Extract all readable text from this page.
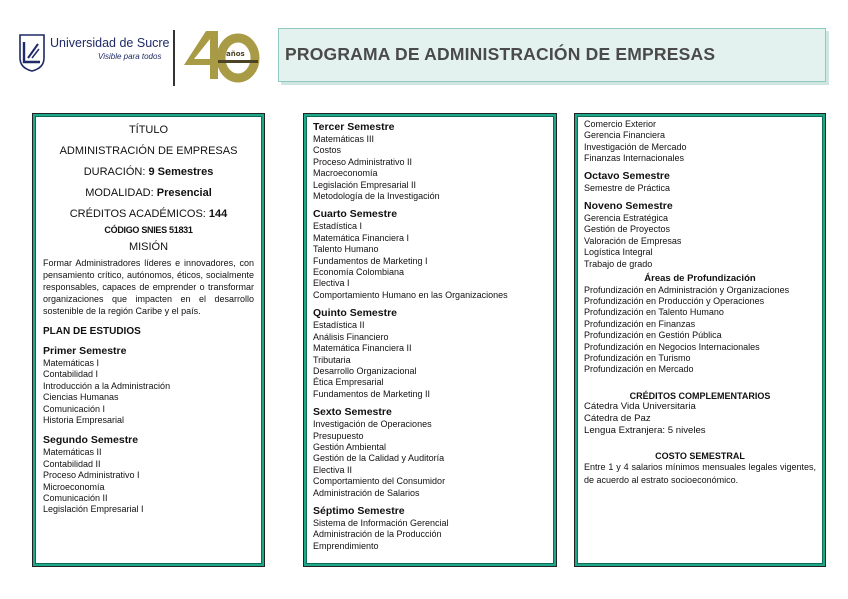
Universidad de Sucre
Visible para todos	años PROGRAMA DE ADMINISTRACIÓN DE EMPRESAS
TÍTULO
ADMINISTRACIÓN DE EMPRESAS
DURACIÓN: 9 Semestres
MODALIDAD: Presencial
CRÉDITOS ACADÉMICOS: 144
CÓDIGO SNIES 51831
MISIÓN
Formar Administradores líderes e innovadores, con pensamiento crítico, autónomos, éticos, socialmente responsables, capaces de emprender o transformar organizaciones que impacten en el desarrollo sostenible de la región Caribe y el país.
PLAN DE ESTUDIOS
Primer Semestre
Matemáticas I
Contabilidad I
Introducción a la Administración
Ciencias Humanas
Comunicación I
Historia Empresarial
Segundo Semestre
Matemáticas II
Contabilidad II
Proceso Administrativo I
Microeconomía
Comunicación II
Legislación Empresarial I
Tercer Semestre
Matemáticas III
Costos
Proceso Administrativo II
Macroeconomía
Legislación Empresarial II
Metodología de la Investigación
Cuarto Semestre
Estadística I
Matemática Financiera I
Talento Humano
Fundamentos de Marketing I
Economía Colombiana
Electiva I
Comportamiento Humano en las Organizaciones
Quinto Semestre
Estadística II
Análisis Financiero
Matemática Financiera II
Tributaria
Desarrollo Organizacional
Ética Empresarial
Fundamentos de Marketing II
Sexto Semestre
Investigación de Operaciones
Presupuesto
Gestión Ambiental
Gestión de la Calidad y Auditoría
Electiva II
Comportamiento del Consumidor
Administración de Salarios
Séptimo Semestre
Sistema de Información Gerencial
Administración de la Producción
Emprendimiento
Comercio Exterior
Gerencia Financiera
Investigación de Mercado
Finanzas Internacionales
Octavo Semestre
Semestre de Práctica
Noveno Semestre
Gerencia Estratégica
Gestión de Proyectos
Valoración de Empresas
Logística Integral
Trabajo de grado
Áreas de Profundización
Profundización en Administración y Organizaciones
Profundización en Producción y Operaciones
Profundización en Talento Humano
Profundización en Finanzas
Profundización en Gestión Pública
Profundización en Negocios Internacionales
Profundización en Turismo
Profundización en Mercado
CRÉDITOS COMPLEMENTARIOS
Cátedra Vida Universitaria
Cátedra de Paz
Lengua Extranjera: 5 niveles
COSTO SEMESTRAL
Entre 1 y 4 salarios mínimos mensuales legales vigentes, de acuerdo al estrato socioeconómico.
